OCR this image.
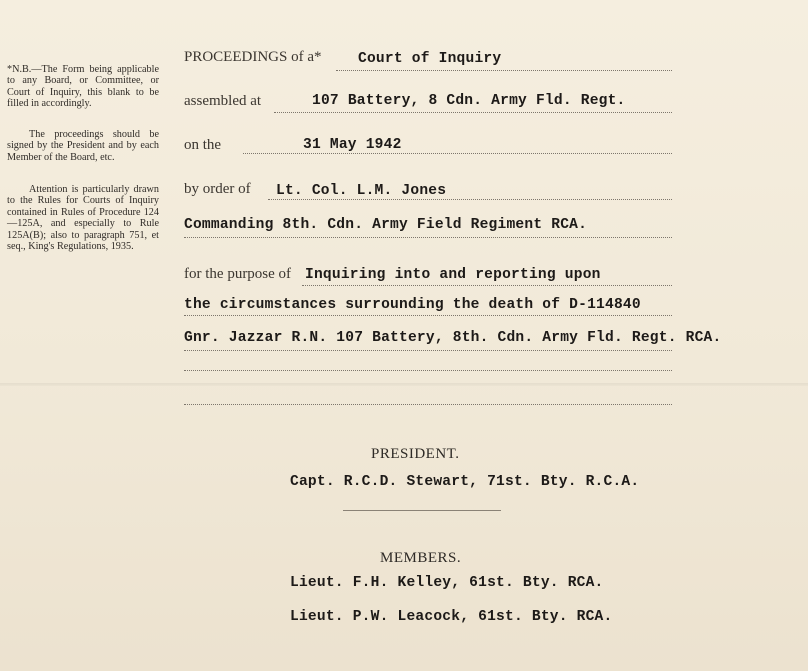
*N.B.—The Form being applicable to any Board, or Committee, or Court of Inquiry, this blank to be filled in accordingly.

The proceedings should be signed by the President and by each Member of the Board, etc.

Attention is particularly drawn to the Rules for Courts of Inquiry contained in Rules of Procedure 124—125A, and especially to Rule 125A(B); also to paragraph 751, et seq., King's Regulations, 1935.

PROCEEDINGS of a*	Court of Inquiry
assembled at	107 Battery, 8 Cdn. Army Fld. Regt.
on the	31 May 1942
by order of Lt. Col. L.M. Jones
Commanding 8th. Cdn. Army Field Regiment RCA.
for the purpose of Inquiring into and reporting upon
the circumstances surrounding the death of D-114840
Gnr. Jazzar R.N. 107 Battery, 8th. Cdn. Army Fld. Regt. RCA.

PRESIDENT.
Capt. R.C.D. Stewart, 71st. Bty. R.C.A.
MEMBERS.
Lieut. F.H. Kelley, 61st. Bty. RCA.
Lieut. P.W. Leacock, 61st. Bty. RCA.
